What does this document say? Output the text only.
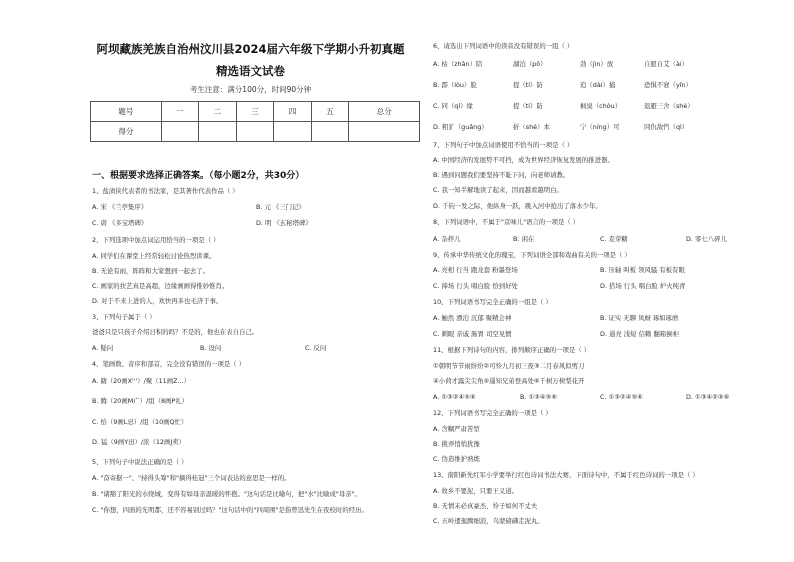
阿坝藏族羌族自治州汶川县2024届六年级下学期小升初真题
精选语文试卷
考生注意：满分100分，时间90分钟
题号	一	二	三	四	五	总分
得分						
一、根据要求选择正确答案。（每小题2分，共30分）
1、盐渍侠代表者的书法家，是其著作代表作品（ ）
A. 宋 《兰亭集序》	B. 元 《三门记》
C. 唐 《多宝塔碑》	D. 明 《玄秘塔碑》
2、下列选项中加点词运用恰当的一项是（ ）
A. 同学们在课堂上经常轻松讨论热烈讲课。
B. 无论有雨，阵阵和大家想到一起去了。
C. 画家的扶艺真是高超，边缘画画得惟妙惟肖。
D. 对于不来上进的人，欢快再多也毛济于事。
3、下列句子属于（ ）
爸爸只是只孩子介绍日积的吗？不是的，他也在表自自己。
A. 疑问	B. 设问	C. 反问
4、笔画数、音序和部首，完全没有错误的一项是（ ）
A. 籍（20画X'''）/聚（11画Z...）
B. 腾（20画M广）/组（8画P礼）
C. 拾（9画L忌）/组（10画Q忙）
D. 猛（9画Y田）/浓（12画J卖）
5、下列句子中说法正确的是（ ）
A. "奋寄据一"、"持得头筹"和"摘得桂冠"三个词表达的意思是一样的。
B. "诸豁了阳光的水绕城，变得有如母亲温暖的怀抱。"这句话是比喻句，把"水"比喻成"母亲"。
C. "你想，四面的光明都，还不容易别过吗？"这句话中的"四周围"是指曾迅先生在夜校时的经历。
6、请选出下列词语中的读音没有错误的一组（ ）
A. 枯（zhān）陪	湖泊（pō）	劲（jìn）放	自愿自艾（ài）
B. 霹（lòu）脸	提（tí）防	追（dài）捕	恐惧不窘（yǐn）
C. 同（qí）缘	提（tí）防	枫臭（chòu）	退避三舍（shè）
D. 粗犷（guǎng）	折（shé）本	宁（níng）可	同仇敌忾（qì）
7、下列句子中加点词语使用不恰当的一项是（ ）
A. 中国经济的发展势不可挡，成为世界经济恢复发展的推进器。
B. 遇到问题我们要坚持不耻下问，向老师请教。
C. 我一知半解地读了起来，因而越看越明白。
D. 千钧一发之际，他纵身一跃，跳入河中抢出了落水少年。
8、下列词语中，不属于"京味儿"语言的一项是（ ）
A. 杂拌儿	B. 闲在	C. 麦芽糖	D. 零七八碎儿
9、传承中华传统文化的瑰宝，下列词语全部和戏曲有关的一项是（ ）
A. 亮相 行当 跑龙套 粉墨登场	B. 压轴 叫板 领风骚 有板有眼
C. 捧场 行头 唱白脸 恰到好处	D. 搭场 行头 唱白脸 炉火纯青
10、下列词语书写完全正确的一组是（ ）
A. 触然 漂泊 沉郁 聚精会神	B. 证实 无聊 凤蚜 琢如琢磨
C. 刺眼 亲戚 肠胃 司空见惯	D. 通亮 浅短 信赖 翻箱倒柜
11、根据下列诗句的内容，排列顺序正确的一项是（ ）
①朝明节节雨纷纷②可怜九月初三夜③二月春风似剪刀
④小荷才露尖尖角⑤遥知兄弟登高处⑥千树万树梨花开
A. ①③②④⑤⑥	B. ①③④⑤⑥	C. ①③②④⑤⑥	D. ①③④②⑤⑥
12、下列词语书写完全正确的一项是（ ）
A. 含糊严肃苦型
B. 挑弄悄悄犹豫
C. 伪造维护熟练
13、南阳新先红军小学要举行红色诗词书法大赛，下面诗句中，不属于红色诗词的一项是（ ）
A. 故乡不要泥，只要王义道。
B. 无情未必真豪杰，怜子如何不丈夫
C. 五岭逶迤腾细浪，乌蒙磅礴走泥丸。
